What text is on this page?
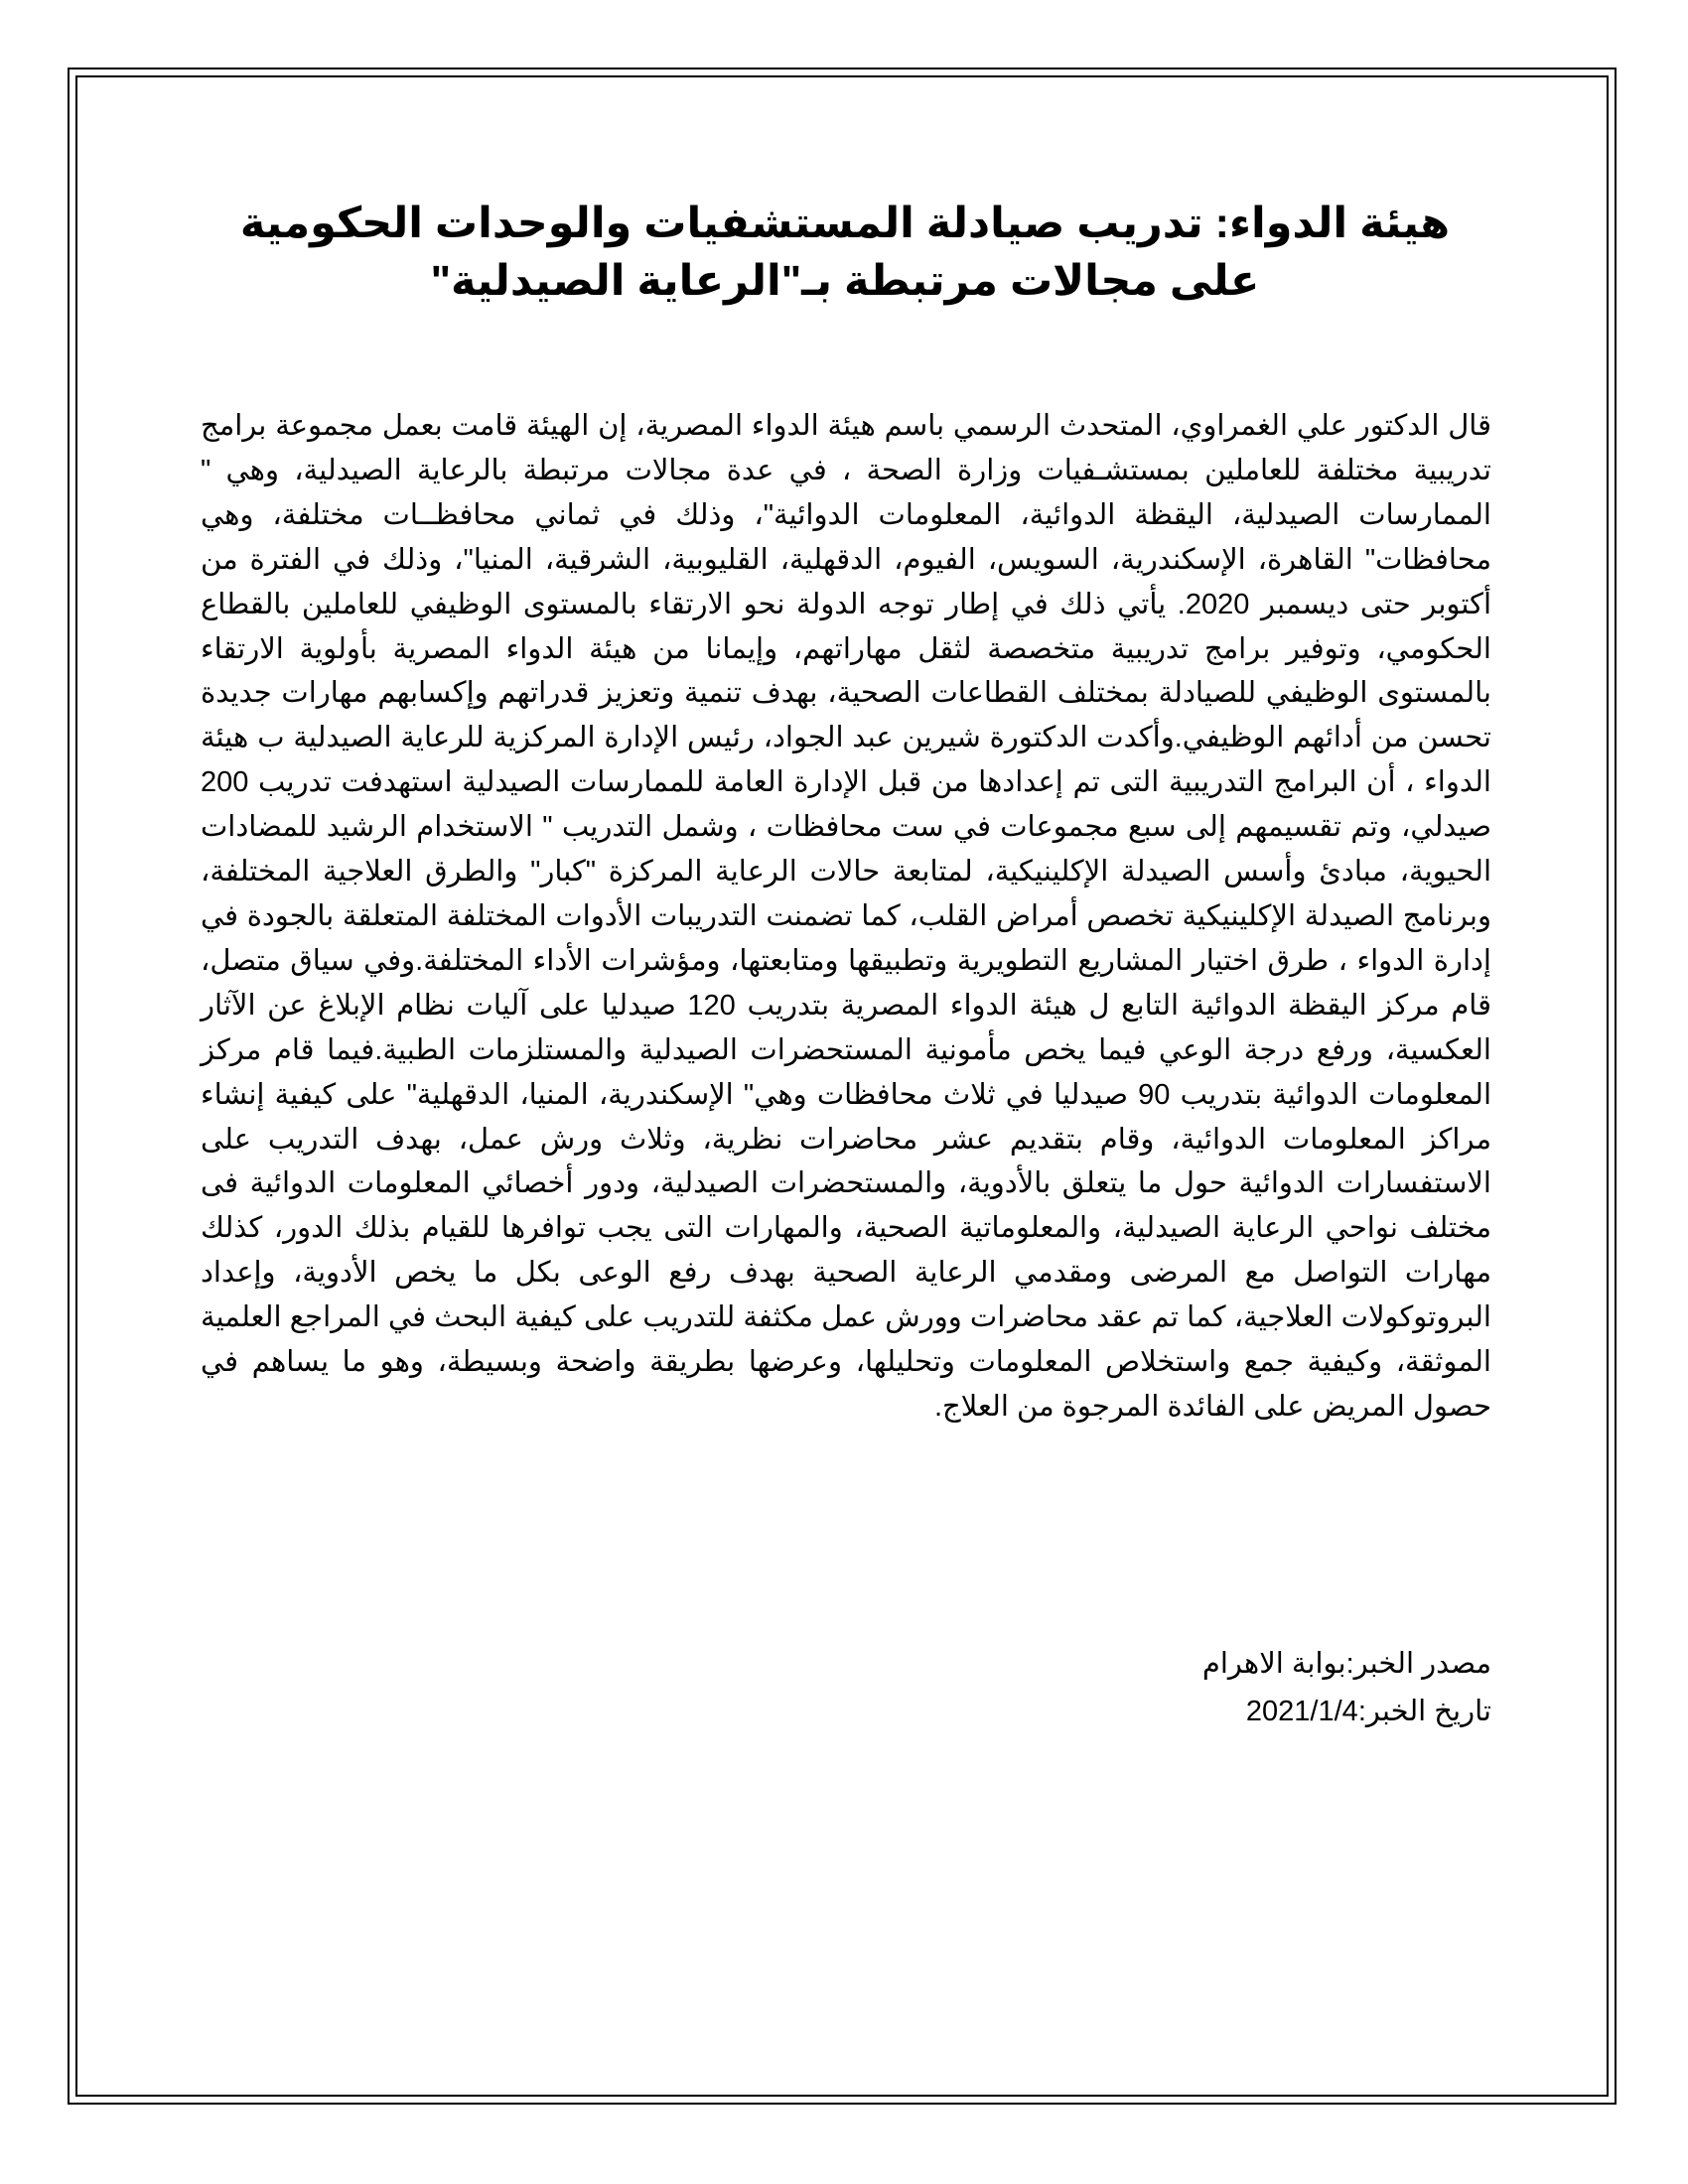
هيئة الدواء: تدريب صيادلة المستشفيات والوحدات الحكومية على مجالات مرتبطة بـ"الرعاية الصيدلية"

قال الدكتور علي الغمراوي، المتحدث الرسمي باسم هيئة الدواء المصرية، إن الهيئة قامت بعمل مجموعة برامج تدريبية مختلفة للعاملين بمستشـفيات وزارة الصحة ، في عدة مجالات مرتبطة بالرعاية الصيدلية، وهي " الممارسات الصيدلية، اليقظة الدوائية، المعلومات الدوائية"، وذلك في ثماني محافظــات مختلفة، وهي محافظات" القاهرة، الإسكندرية، السويس، الفيوم، الدقهلية، القليوبية، الشرقية، المنيا"، وذلك في الفترة من أكتوبر حتى ديسمبر 2020. يأتي ذلك في إطار توجه الدولة نحو الارتقاء بالمستوى الوظيفي للعاملين بالقطاع الحكومي، وتوفير برامج تدريبية متخصصة لثقل مهاراتهم، وإيمانا من هيئة الدواء المصرية بأولوية الارتقاء بالمستوى الوظيفي للصيادلة بمختلف القطاعات الصحية، بهدف تنمية وتعزيز قدراتهم وإكسابهم مهارات جديدة تحسن من أدائهم الوظيفي.وأكدت الدكتورة شيرين عبد الجواد، رئيس الإدارة المركزية للرعاية الصيدلية ب هيئة الدواء ، أن البرامج التدريبية التى تم إعدادها من قبل الإدارة العامة للممارسات الصيدلية استهدفت تدريب 200 صيدلي، وتم تقسيمهم إلى سبع مجموعات في ست محافظات ، وشمل التدريب " الاستخدام الرشيد للمضادات الحيوية، مبادئ وأسس الصيدلة الإكلينيكية، لمتابعة حالات الرعاية المركزة "كبار" والطرق العلاجية المختلفة، وبرنامج الصيدلة الإكلينيكية تخصص أمراض القلب، كما تضمنت التدريبات الأدوات المختلفة المتعلقة بالجودة في إدارة الدواء ، طرق اختيار المشاريع التطويرية وتطبيقها ومتابعتها، ومؤشرات الأداء المختلفة.وفي سياق متصل، قام مركز اليقظة الدوائية التابع ل هيئة الدواء المصرية بتدريب 120 صيدليا على آليات نظام الإبلاغ عن الآثار العكسية، ورفع درجة الوعي فيما يخص مأمونية المستحضرات الصيدلية والمستلزمات الطبية.فيما قام مركز المعلومات الدوائية بتدريب 90 صيدليا في ثلاث محافظات وهي" الإسكندرية، المنيا، الدقهلية" على كيفية إنشاء مراكز المعلومات الدوائية، وقام بتقديم عشر محاضرات نظرية، وثلاث ورش عمل، بهدف التدريب على الاستفسارات الدوائية حول ما يتعلق بالأدوية، والمستحضرات الصيدلية، ودور أخصائي المعلومات الدوائية فى مختلف نواحي الرعاية الصيدلية، والمعلوماتية الصحية، والمهارات التى يجب توافرها للقيام بذلك الدور، كذلك مهارات التواصل مع المرضى ومقدمي الرعاية الصحية بهدف رفع الوعى بكل ما يخص الأدوية، وإعداد البروتوكولات العلاجية، كما تم عقد محاضرات وورش عمل مكثفة للتدريب على كيفية البحث في المراجع العلمية الموثقة، وكيفية جمع واستخلاص المعلومات وتحليلها، وعرضها بطريقة واضحة وبسيطة، وهو ما يساهم في حصول المريض على الفائدة المرجوة من العلاج.

مصدر الخبر:بوابة الاهرام
تاريخ الخبر:2021/1/4
